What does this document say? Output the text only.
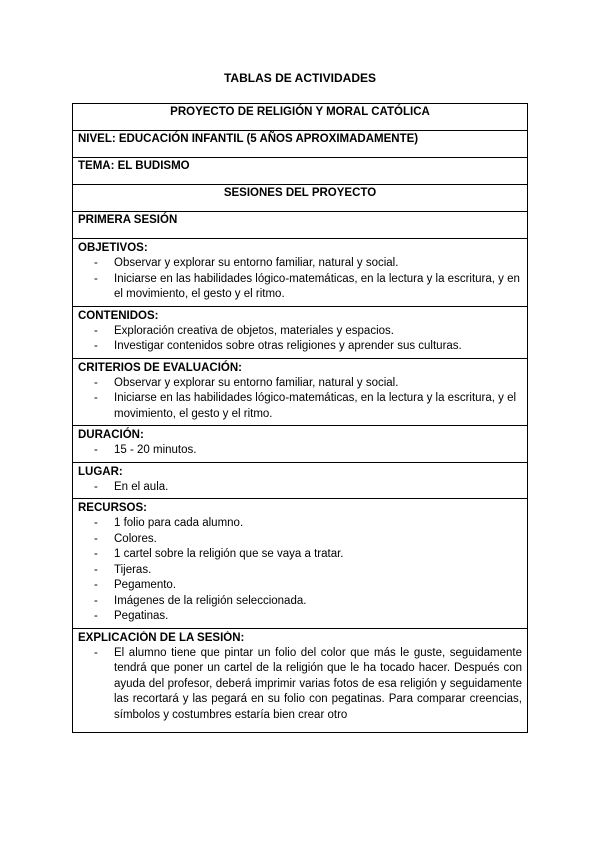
TABLAS DE ACTIVIDADES
PROYECTO DE RELIGIÓN Y MORAL CATÓLICA
NIVEL: EDUCACIÓN INFANTIL (5 AÑOS APROXIMADAMENTE)
TEMA: EL BUDISMO
SESIONES DEL PROYECTO
PRIMERA SESIÓN

OBJETIVOS:
- Observar y explorar su entorno familiar, natural y social.
- Iniciarse en las habilidades lógico-matemáticas, en la lectura y la escritura, y en el movimiento, el gesto y el ritmo.

CONTENIDOS:
- Exploración creativa de objetos, materiales y espacios.
- Investigar contenidos sobre otras religiones y aprender sus culturas.

CRITERIOS DE EVALUACIÓN:
- Observar y explorar su entorno familiar, natural y social.
- Iniciarse en las habilidades lógico-matemáticas, en la lectura y la escritura, y el movimiento, el gesto y el ritmo.

DURACIÓN:
- 15 - 20 minutos.

LUGAR:
- En el aula.

RECURSOS:
- 1 folio para cada alumno.
- Colores.
- 1 cartel sobre la religión que se vaya a tratar.
- Tijeras.
- Pegamento.
- Imágenes de la religión seleccionada.
- Pegatinas.

EXPLICACIÓN DE LA SESIÓN:
- El alumno tiene que pintar un folio del color que más le guste, seguidamente tendrá que poner un cartel de la religión que le ha tocado hacer. Después con ayuda del profesor, deberá imprimir varias fotos de esa religión y seguidamente las recortará y las pegará en su folio con pegatinas. Para comparar creencias, símbolos y costumbres estaría bien crear otro
